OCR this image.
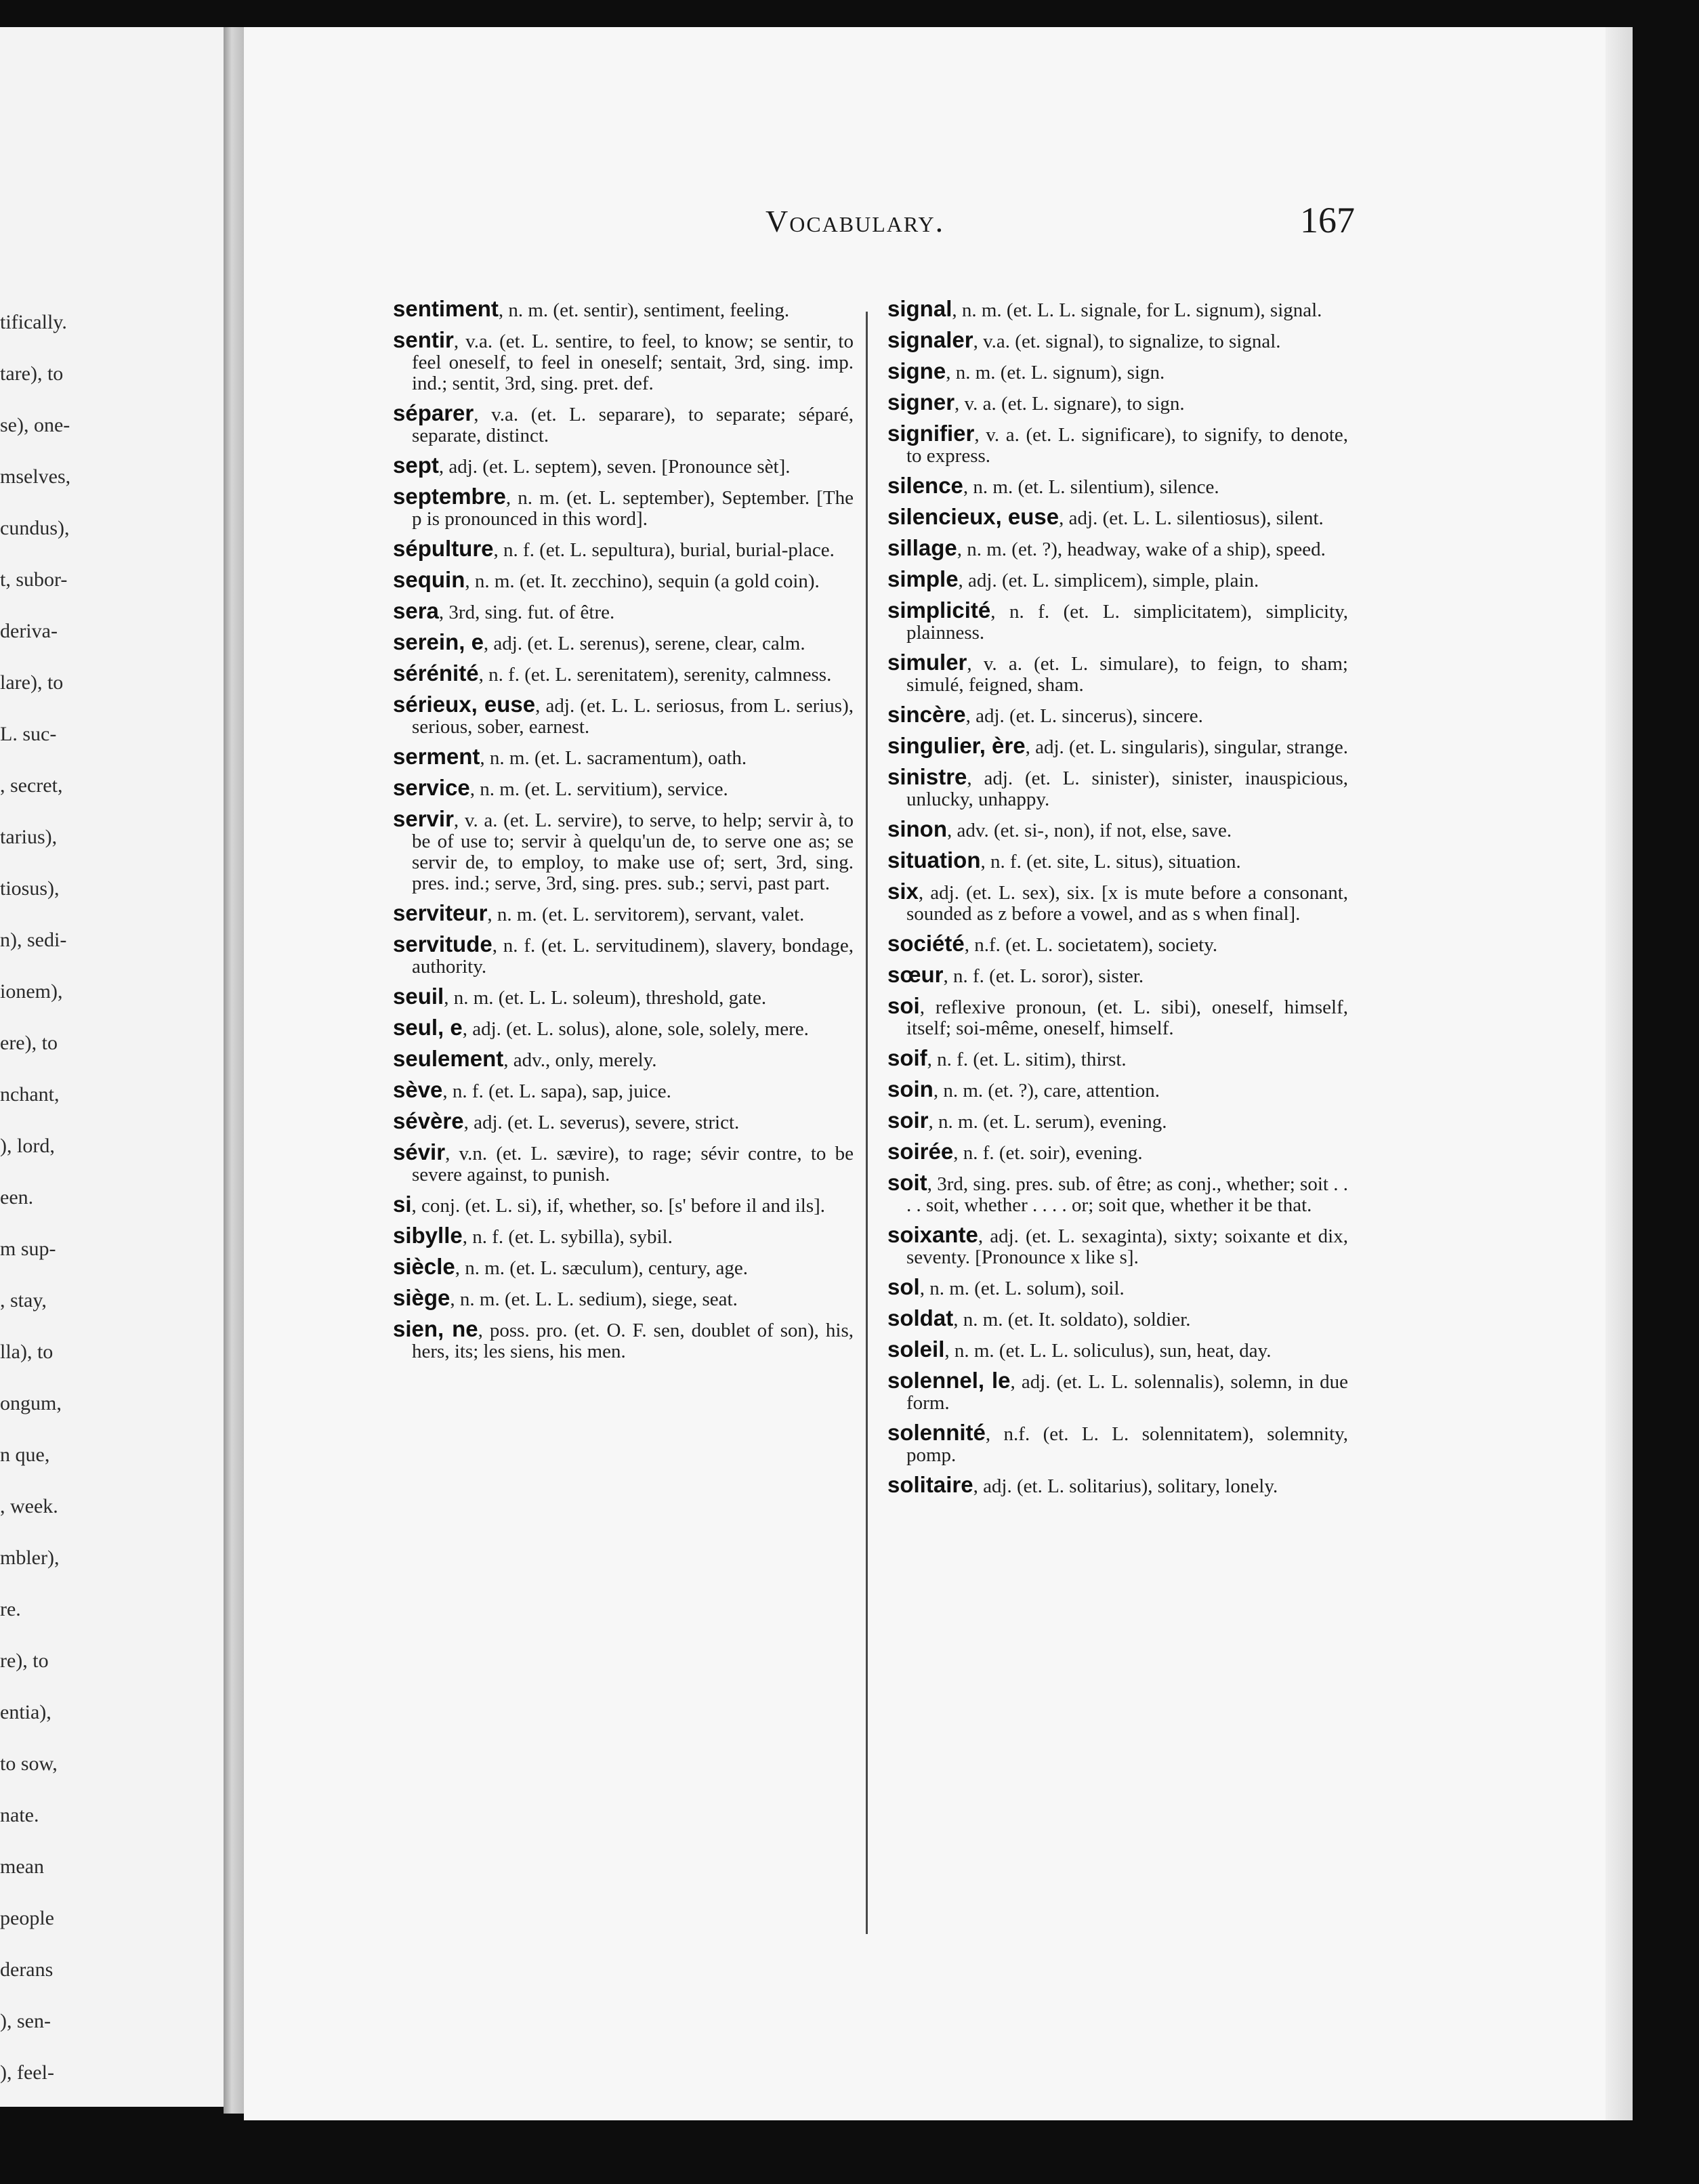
tifically.
tare), to
se), one-
mselves,
cundus),
t, subor-
deriva-
lare), to
L. suc-
, secret,
tarius),
tiosus),
n), sedi-
ionem),
ere), to
nchant,
), lord,
een.
m sup-
, stay,
lla), to
ongum,
n que,
, week.
mbler),
re.
re), to
entia),
to sow,
nate.
mean
people
derans
), sen-
), feel-
Vocabulary.	167
sentiment, n. m. (et. sentir), sentiment, feeling.
sentir, v.a. (et. L. sentire, to feel, to know; se sentir, to feel oneself, to feel in oneself; sentait, 3rd, sing. imp. ind.; sentit, 3rd, sing. pret. def.
séparer, v.a. (et. L. separare), to separate; séparé, separate, distinct.
sept, adj. (et. L. septem), seven. [Pronounce sèt].
septembre, n. m. (et. L. september), September. [The p is pronounced in this word].
sépulture, n. f. (et. L. sepultura), burial, burial-place.
sequin, n. m. (et. It. zecchino), sequin (a gold coin).
sera, 3rd, sing. fut. of être.
serein, e, adj. (et. L. serenus), serene, clear, calm.
sérénité, n. f. (et. L. serenitatem), serenity, calmness.
sérieux, euse, adj. (et. L. L. seriosus, from L. serius), serious, sober, earnest.
serment, n. m. (et. L. sacramentum), oath.
service, n. m. (et. L. servitium), service.
servir, v. a. (et. L. servire), to serve, to help; servir à, to be of use to; servir à quelqu'un de, to serve one as; se servir de, to employ, to make use of; sert, 3rd, sing. pres. ind.; serve, 3rd, sing. pres. sub.; servi, past part.
serviteur, n. m. (et. L. servitorem), servant, valet.
servitude, n. f. (et. L. servitudinem), slavery, bondage, authority.
seuil, n. m. (et. L. L. soleum), threshold, gate.
seul, e, adj. (et. L. solus), alone, sole, solely, mere.
seulement, adv., only, merely.
sève, n. f. (et. L. sapa), sap, juice.
sévère, adj. (et. L. severus), severe, strict.
sévir, v.n. (et. L. sævire), to rage; sévir contre, to be severe against, to punish.
si, conj. (et. L. si), if, whether, so. [s' before il and ils].
sibylle, n. f. (et. L. sybilla), sybil.
siècle, n. m. (et. L. sæculum), century, age.
siège, n. m. (et. L. L. sedium), siege, seat.
sien, ne, poss. pro. (et. O. F. sen, doublet of son), his, hers, its; les siens, his men.
signal, n. m. (et. L. L. signale, for L. signum), signal.
signaler, v.a. (et. signal), to signalize, to signal.
signe, n. m. (et. L. signum), sign.
signer, v. a. (et. L. signare), to sign.
signifier, v. a. (et. L. significare), to signify, to denote, to express.
silence, n. m. (et. L. silentium), silence.
silencieux, euse, adj. (et. L. L. silentiosus), silent.
sillage, n. m. (et. ?), headway, wake of a ship), speed.
simple, adj. (et. L. simplicem), simple, plain.
simplicité, n. f. (et. L. simplicitatem), simplicity, plainness.
simuler, v. a. (et. L. simulare), to feign, to sham; simulé, feigned, sham.
sincère, adj. (et. L. sincerus), sincere.
singulier, ère, adj. (et. L. singularis), singular, strange.
sinistre, adj. (et. L. sinister), sinister, inauspicious, unlucky, unhappy.
sinon, adv. (et. si-, non), if not, else, save.
situation, n. f. (et. site, L. situs), situation.
six, adj. (et. L. sex), six. [x is mute before a consonant, sounded as z before a vowel, and as s when final].
société, n.f. (et. L. societatem), society.
sœur, n. f. (et. L. soror), sister.
soi, reflexive pronoun, (et. L. sibi), oneself, himself, itself; soi-même, oneself, himself.
soif, n. f. (et. L. sitim), thirst.
soin, n. m. (et. ?), care, attention.
soir, n. m. (et. L. serum), evening.
soirée, n. f. (et. soir), evening.
soit, 3rd, sing. pres. sub. of être; as conj., whether; soit . . . . soit, whether . . . . or; soit que, whether it be that.
soixante, adj. (et. L. sexaginta), sixty; soixante et dix, seventy. [Pronounce x like s].
sol, n. m. (et. L. solum), soil.
soldat, n. m. (et. It. soldato), soldier.
soleil, n. m. (et. L. L. soliculus), sun, heat, day.
solennel, le, adj. (et. L. L. solennalis), solemn, in due form.
solennité, n.f. (et. L. L. solennitatem), solemnity, pomp.
solitaire, adj. (et. L. solitarius), solitary, lonely.
